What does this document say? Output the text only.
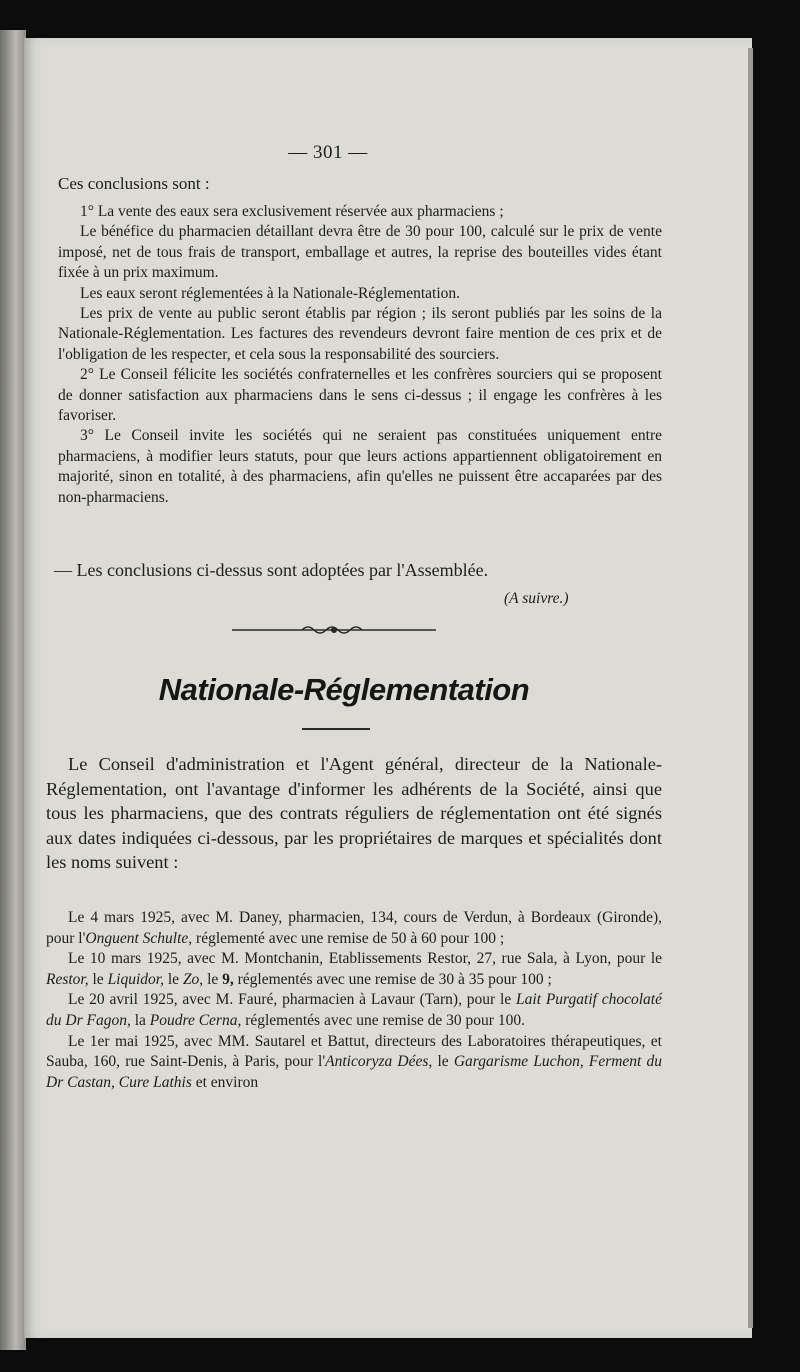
— 301 —
Ces conclusions sont :

1° La vente des eaux sera exclusivement réservée aux pharmaciens ;

Le bénéfice du pharmacien détaillant devra être de 30 pour 100, calculé sur le prix de vente imposé, net de tous frais de transport, emballage et autres, la reprise des bouteilles vides étant fixée à un prix maximum.

Les eaux seront réglementées à la Nationale-Réglementation.

Les prix de vente au public seront établis par région ; ils seront publiés par les soins de la Nationale-Réglementation. Les factures des revendeurs devront faire mention de ces prix et de l'obligation de les respecter, et cela sous la responsabilité des sourciers.

2° Le Conseil félicite les sociétés confraternelles et les confrères sourciers qui se proposent de donner satisfaction aux pharmaciens dans le sens ci-dessus ; il engage les confrères à les favoriser.

3° Le Conseil invite les sociétés qui ne seraient pas constituées uniquement entre pharmaciens, à modifier leurs statuts, pour que leurs actions appartiennent obligatoirement en majorité, sinon en totalité, à des pharmaciens, afin qu'elles ne puissent être accaparées par des non-pharmaciens.

— Les conclusions ci-dessus sont adoptées par l'Assemblée.
(A suivre.)
Nationale-Réglementation

Le Conseil d'administration et l'Agent général, directeur de la Nationale-Réglementation, ont l'avantage d'informer les adhérents de la Société, ainsi que tous les pharmaciens, que des contrats réguliers de réglementation ont été signés aux dates indiquées ci-dessous, par les propriétaires de marques et spécialités dont les noms suivent :

Le 4 mars 1925, avec M. Daney, pharmacien, 134, cours de Verdun, à Bordeaux (Gironde), pour l'Onguent Schulte, réglementé avec une remise de 50 à 60 pour 100 ;

Le 10 mars 1925, avec M. Montchanin, Etablissements Restor, 27, rue Sala, à Lyon, pour le Restor, le Liquidor, le Zo, le 9, réglementés avec une remise de 30 à 35 pour 100 ;

Le 20 avril 1925, avec M. Fauré, pharmacien à Lavaur (Tarn), pour le Lait Purgatif chocolaté du Dr Fagon, la Poudre Cerna, réglementés avec une remise de 30 pour 100.

Le 1er mai 1925, avec MM. Sautarel et Battut, directeurs des Laboratoires thérapeutiques, et Sauba, 160, rue Saint-Denis, à Paris, pour l'Anticoryza Dées, le Gargarisme Luchon, Ferment du Dr Castan, Cure Lathis et environ
